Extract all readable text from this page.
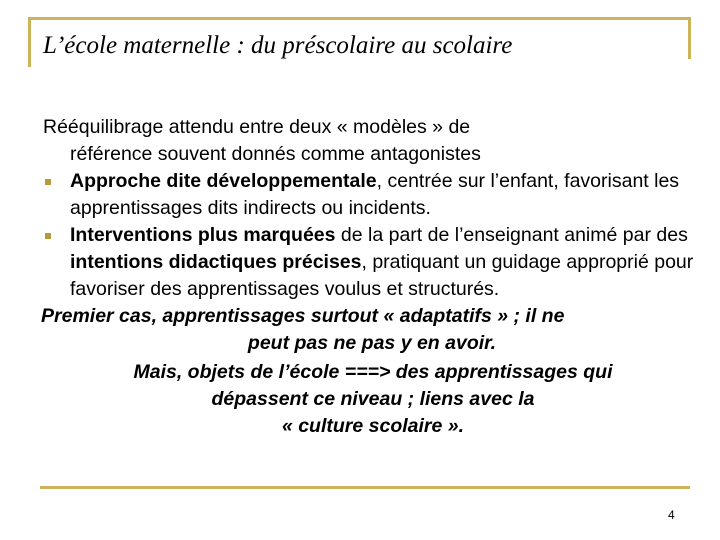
L’école maternelle : du préscolaire au scolaire

Rééquilibrage attendu entre deux « modèles » de
référence souvent donnés comme antagonistes

Approche dite développementale, centrée sur l’enfant, favorisant les apprentissages dits indirects ou incidents.

Interventions plus marquées de la part de l’enseignant animé par des intentions didactiques précises, pratiquant un guidage approprié pour favoriser des apprentissages voulus et structurés.

Premier cas, apprentissages surtout « adaptatifs » ; il ne

peut pas ne pas y en avoir.

Mais, objets de l’école ===> des apprentissages qui
dépassent ce niveau ; liens avec la
« culture scolaire ».

4
